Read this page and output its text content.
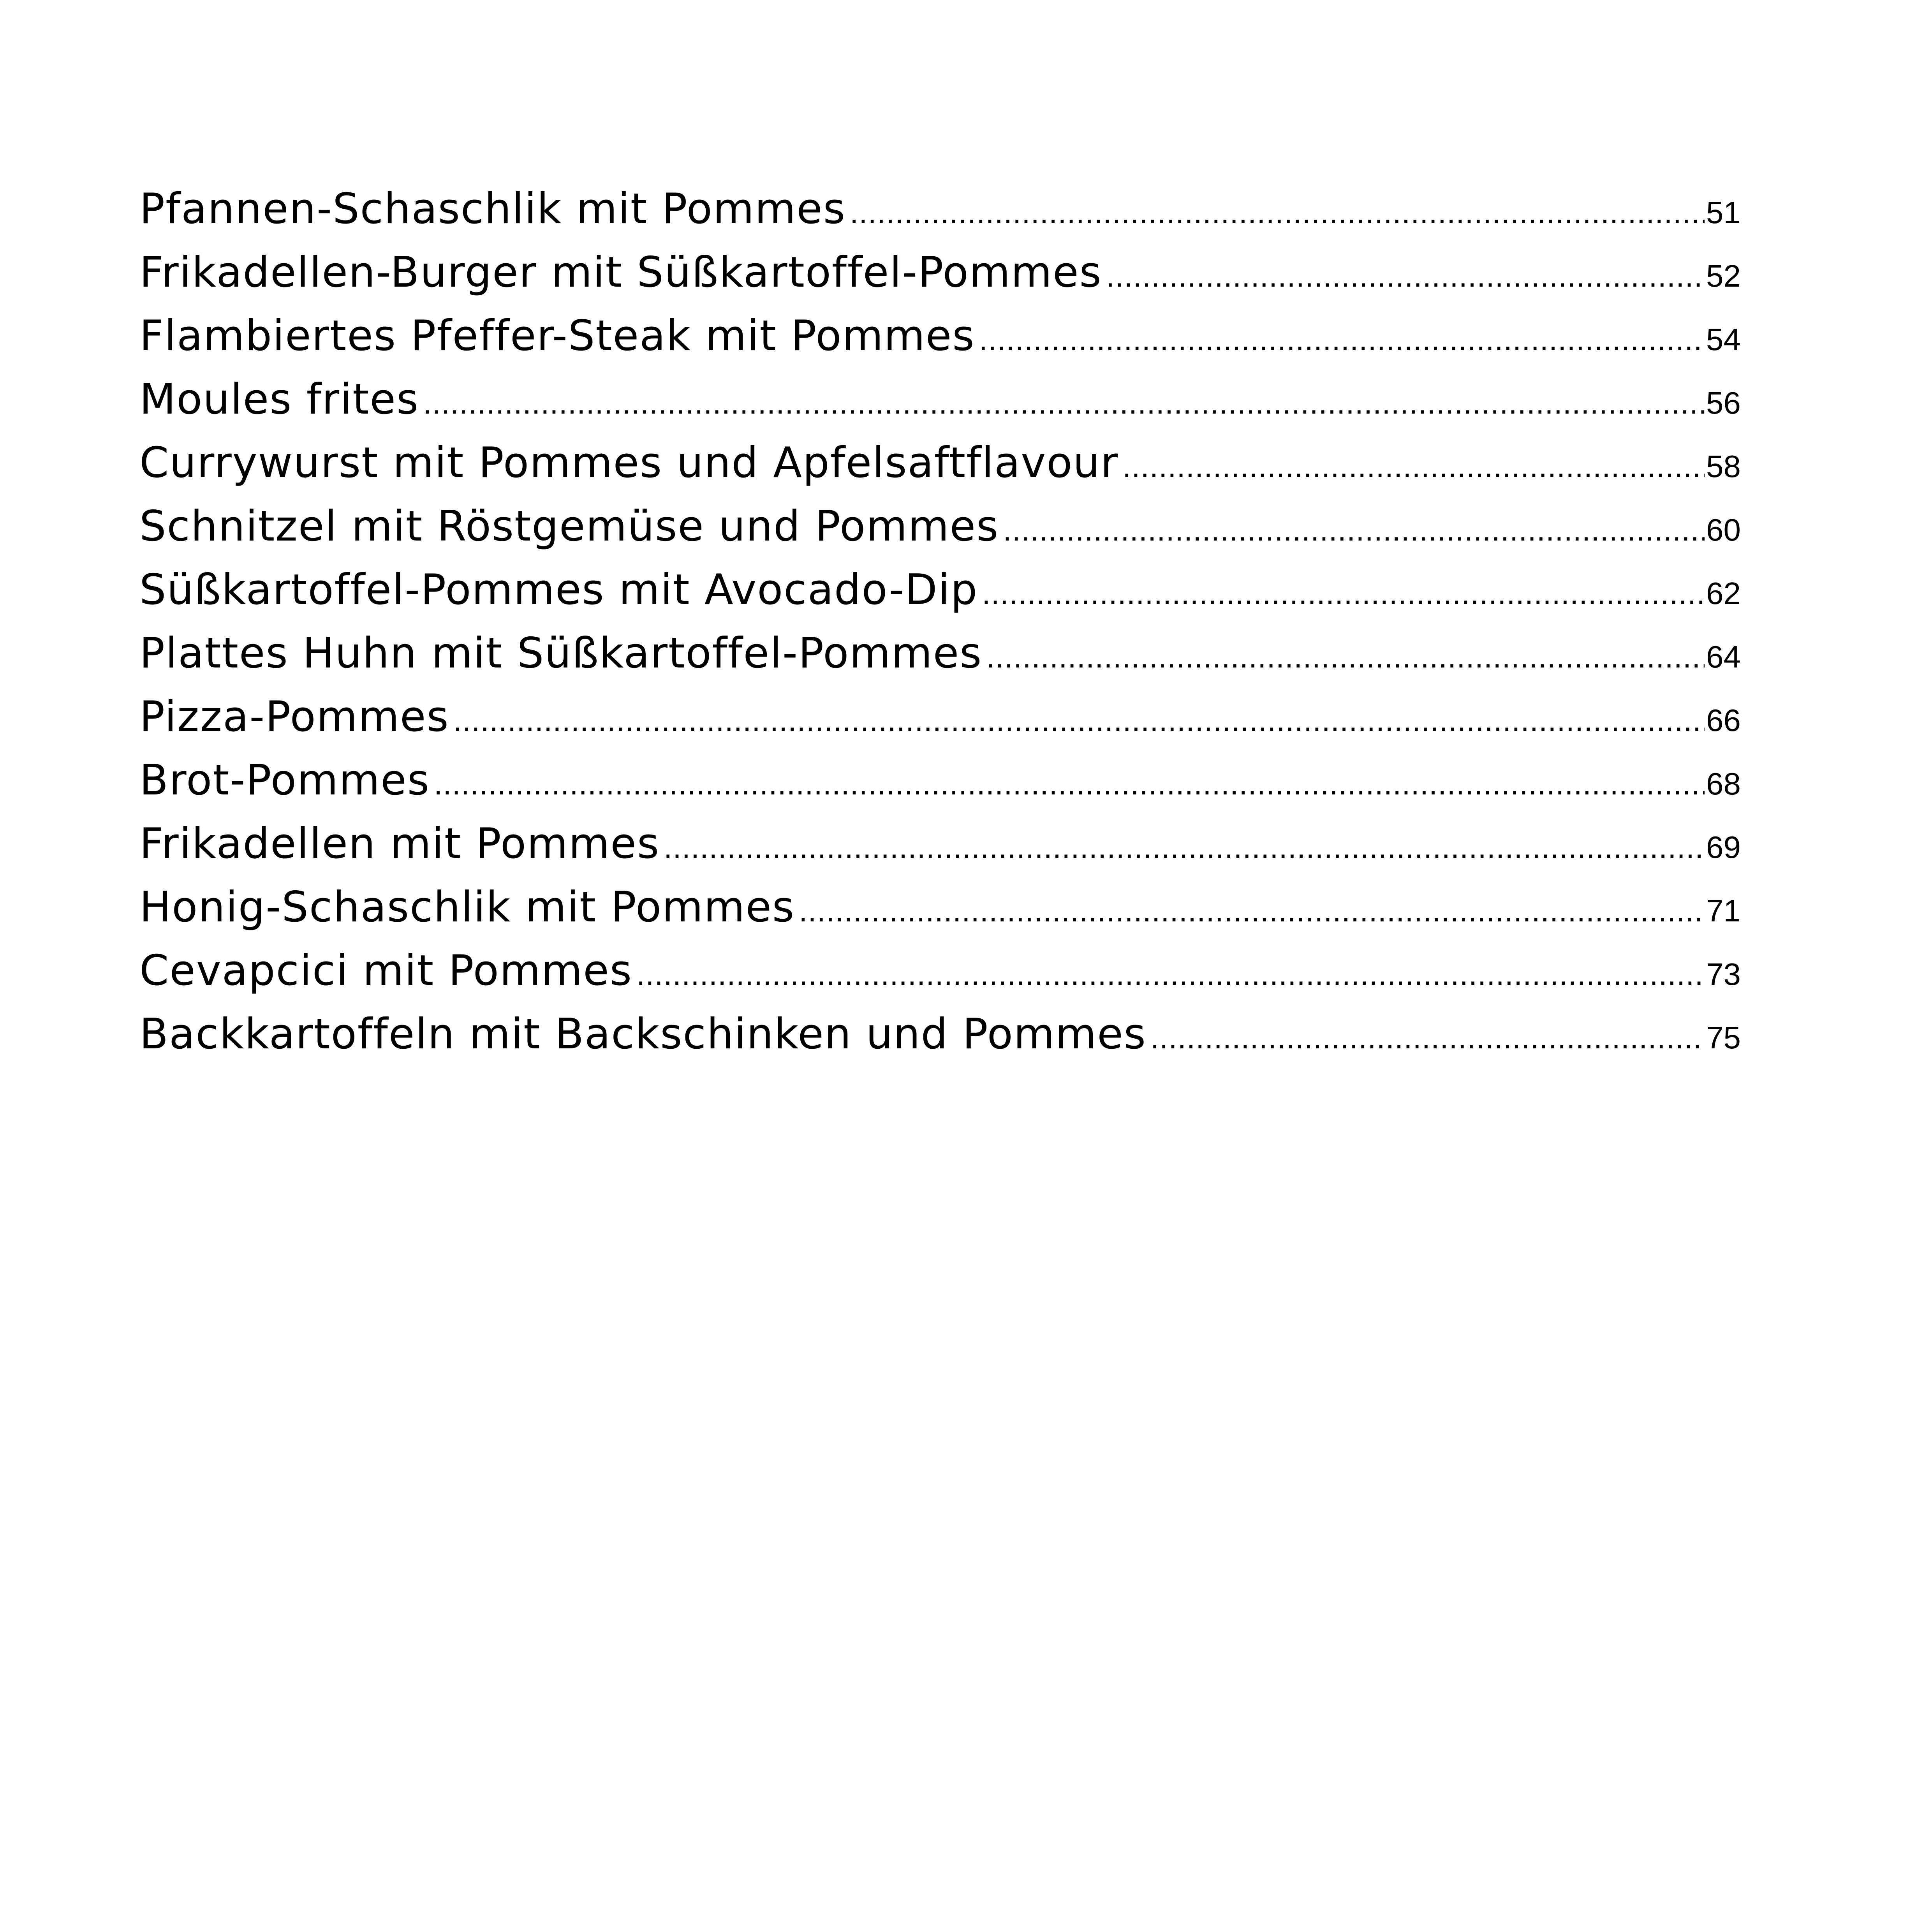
Pfannen-Schaschlik mit Pommes .....	51
Frikadellen-Burger mit Süßkartoffel-Pommes .....	52
Flambiertes Pfeffer-Steak mit Pommes .....	54
Moules frites .....	56
Currywurst mit Pommes und Apfelsaftflavour .....	58
Schnitzel mit Röstgemüse und Pommes .....	60
Süßkartoffel-Pommes mit Avocado-Dip .....	62
Plattes Huhn mit Süßkartoffel-Pommes .....	64
Pizza-Pommes .....	66
Brot-Pommes .....	68
Frikadellen mit Pommes .....	69
Honig-Schaschlik mit Pommes .....	71
Cevapcici mit Pommes .....	73
Backkartoffeln mit Backschinken und Pommes .....	75
